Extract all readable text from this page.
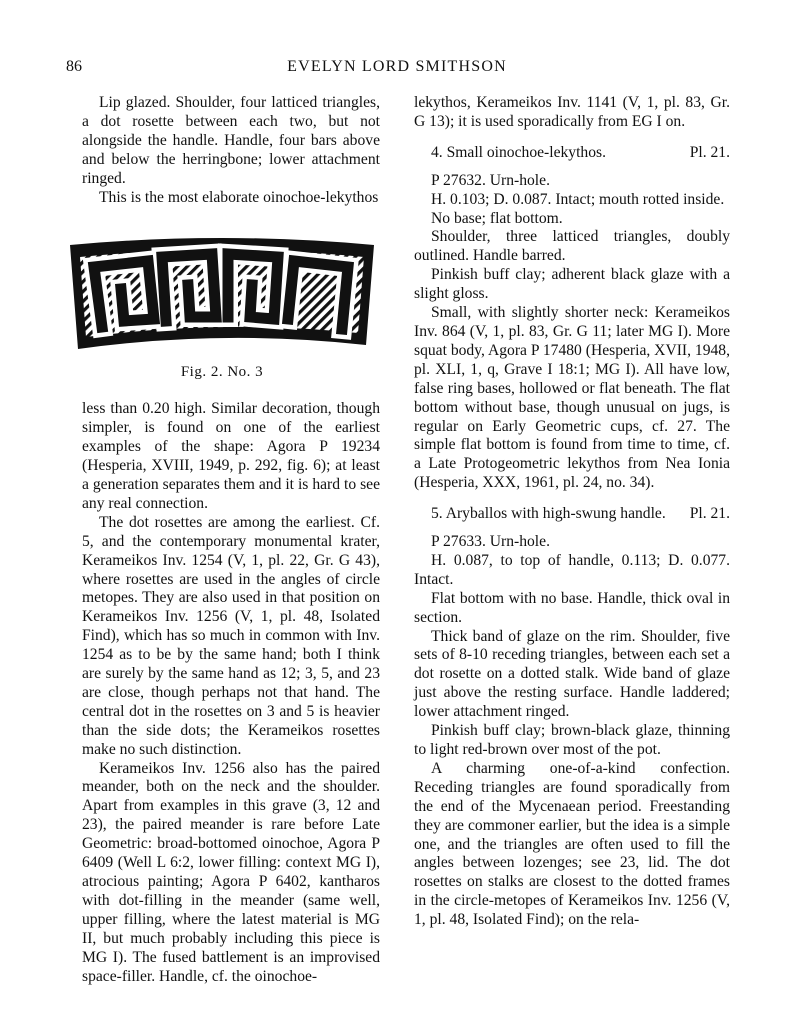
86	EVELYN LORD SMITHSON

Lip glazed. Shoulder, four latticed triangles, a dot rosette between each two, but not alongside the handle. Handle, four bars above and below the herringbone; lower attachment ringed.

This is the most elaborate oinochoe-lekythos

Fig. 2. No. 3

less than 0.20 high. Similar decoration, though simpler, is found on one of the earliest examples of the shape: Agora P 19234 (Hesperia, XVIII, 1949, p. 292, fig. 6); at least a generation separates them and it is hard to see any real connection.

The dot rosettes are among the earliest. Cf. 5, and the contemporary monumental krater, Kerameikos Inv. 1254 (V, 1, pl. 22, Gr. G 43), where rosettes are used in the angles of circle metopes. They are also used in that position on Kerameikos Inv. 1256 (V, 1, pl. 48, Isolated Find), which has so much in common with Inv. 1254 as to be by the same hand; both I think are surely by the same hand as 12; 3, 5, and 23 are close, though perhaps not that hand. The central dot in the rosettes on 3 and 5 is heavier than the side dots; the Kerameikos rosettes make no such distinction.

Kerameikos Inv. 1256 also has the paired meander, both on the neck and the shoulder. Apart from examples in this grave (3, 12 and 23), the paired meander is rare before Late Geometric: broad-bottomed oinochoe, Agora P 6409 (Well L 6:2, lower filling: context MG I), atrocious painting; Agora P 6402, kantharos with dot-filling in the meander (same well, upper filling, where the latest material is MG II, but much probably including this piece is MG I). The fused battlement is an improvised space-filler. Handle, cf. the oinochoe-

lekythos, Kerameikos Inv. 1141 (V, 1, pl. 83, Gr. G 13); it is used sporadically from EG I on.

4. Small oinochoe-lekythos.	Pl. 21.

P 27632. Urn-hole.

H. 0.103; D. 0.087. Intact; mouth rotted inside.

No base; flat bottom.

Shoulder, three latticed triangles, doubly outlined. Handle barred.

Pinkish buff clay; adherent black glaze with a slight gloss.

Small, with slightly shorter neck: Kerameikos Inv. 864 (V, 1, pl. 83, Gr. G 11; later MG I). More squat body, Agora P 17480 (Hesperia, XVII, 1948, pl. XLI, 1, q, Grave I 18:1; MG I). All have low, false ring bases, hollowed or flat beneath. The flat bottom without base, though unusual on jugs, is regular on Early Geometric cups, cf. 27. The simple flat bottom is found from time to time, cf. a Late Protogeometric lekythos from Nea Ionia (Hesperia, XXX, 1961, pl. 24, no. 34).

5. Aryballos with high-swung handle.	Pl. 21.

P 27633. Urn-hole.

H. 0.087, to top of handle, 0.113; D. 0.077. Intact.

Flat bottom with no base. Handle, thick oval in section.

Thick band of glaze on the rim. Shoulder, five sets of 8-10 receding triangles, between each set a dot rosette on a dotted stalk. Wide band of glaze just above the resting surface. Handle laddered; lower attachment ringed.

Pinkish buff clay; brown-black glaze, thinning to light red-brown over most of the pot.

A charming one-of-a-kind confection. Receding triangles are found sporadically from the end of the Mycenaean period. Freestanding they are commoner earlier, but the idea is a simple one, and the triangles are often used to fill the angles between lozenges; see 23, lid. The dot rosettes on stalks are closest to the dotted frames in the circle-metopes of Kerameikos Inv. 1256 (V, 1, pl. 48, Isolated Find); on the rela-
